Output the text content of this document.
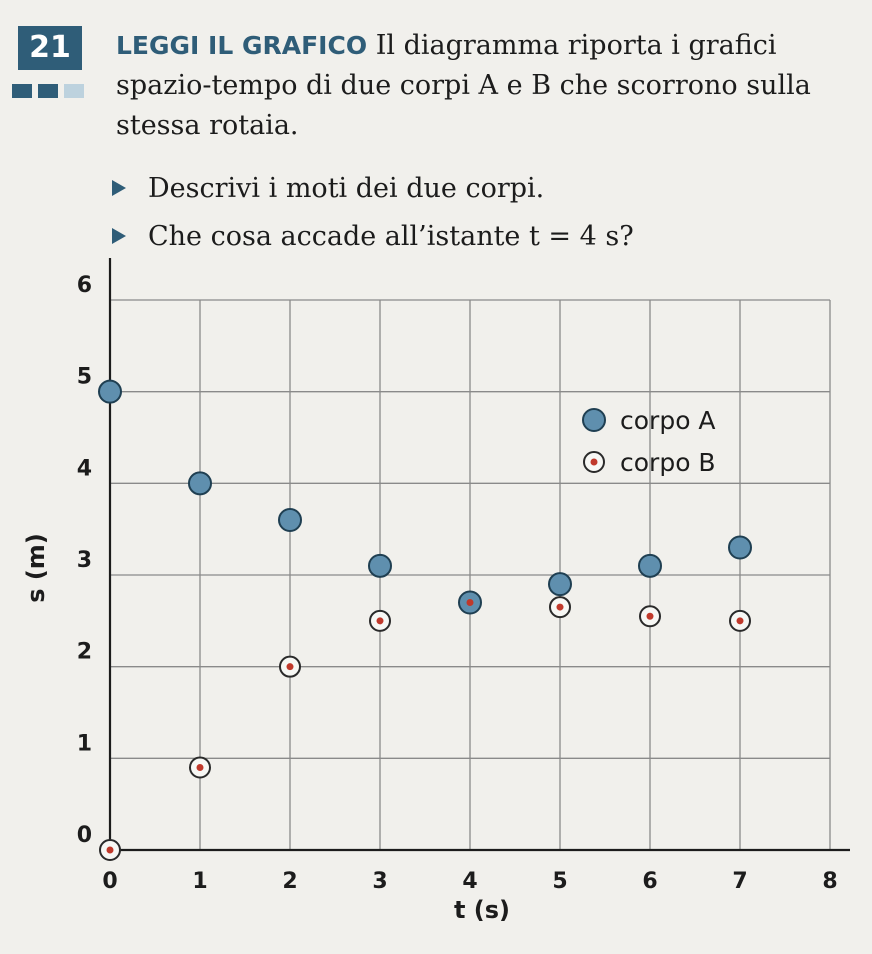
21	LEGGI IL GRAFICO Il diagramma riporta i grafici spazio-tempo di due corpi A e B che scorrono sulla stessa rotaia.
Descrivi i moti dei due corpi.
Che cosa accade all’istante t = 4 s?
0	1	2	3	4	5	6	7	8
0
1
2
3
4
5
6
corpo A
corpo B
t (s)
s (m)
